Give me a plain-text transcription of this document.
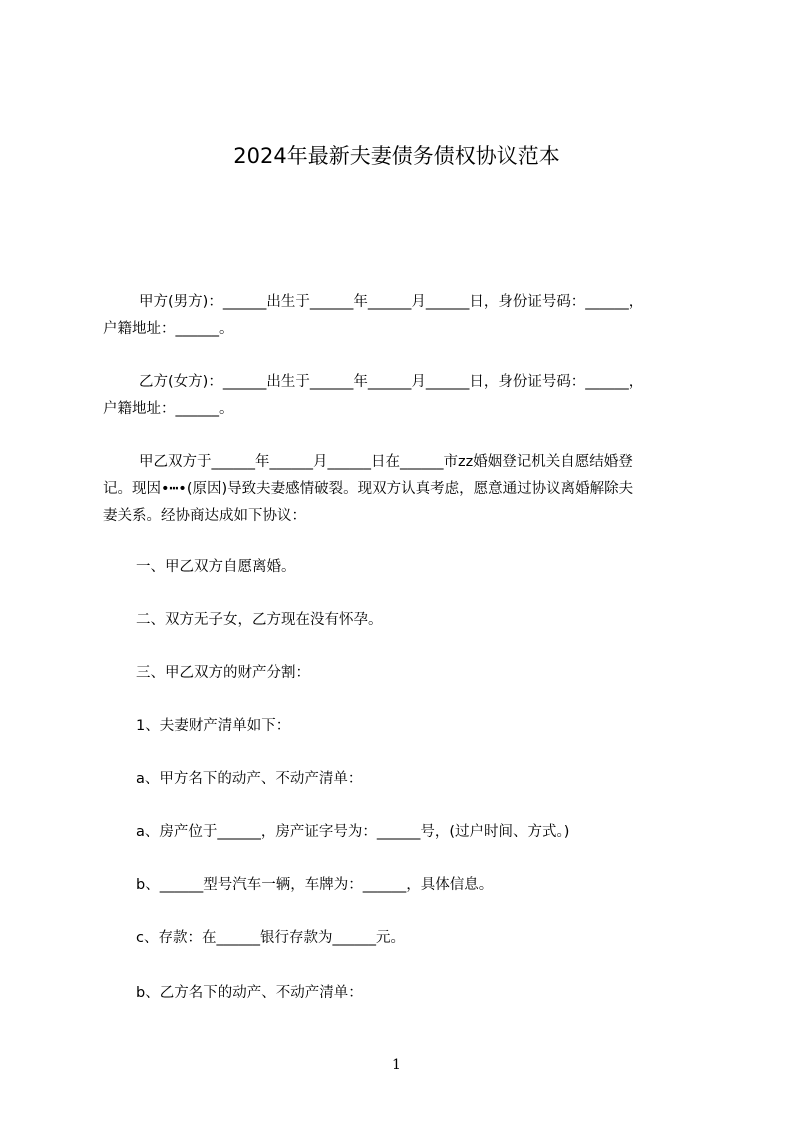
2024年最新夫妻债务债权协议范本
甲方(男方)：______出生于______年______月______日，身份证号码：______，
户籍地址：______。
乙方(女方)：______出生于______年______月______日，身份证号码：______，
户籍地址：______。
甲乙双方于______年______月______日在______市zz婚姻登记机关自愿结婚登
记。现因•┅•(原因)导致夫妻感情破裂。现双方认真考虑，愿意通过协议离婚解除夫
妻关系。经协商达成如下协议：
一、甲乙双方自愿离婚。
二、双方无子女，乙方现在没有怀孕。
三、甲乙双方的财产分割：
1、夫妻财产清单如下：
a、甲方名下的动产、不动产清单：
a、房产位于______，房产证字号为：______号，(过户时间、方式。)
b、______型号汽车一辆，车牌为：______，具体信息。
c、存款：在______银行存款为______元。
b、乙方名下的动产、不动产清单：
1
